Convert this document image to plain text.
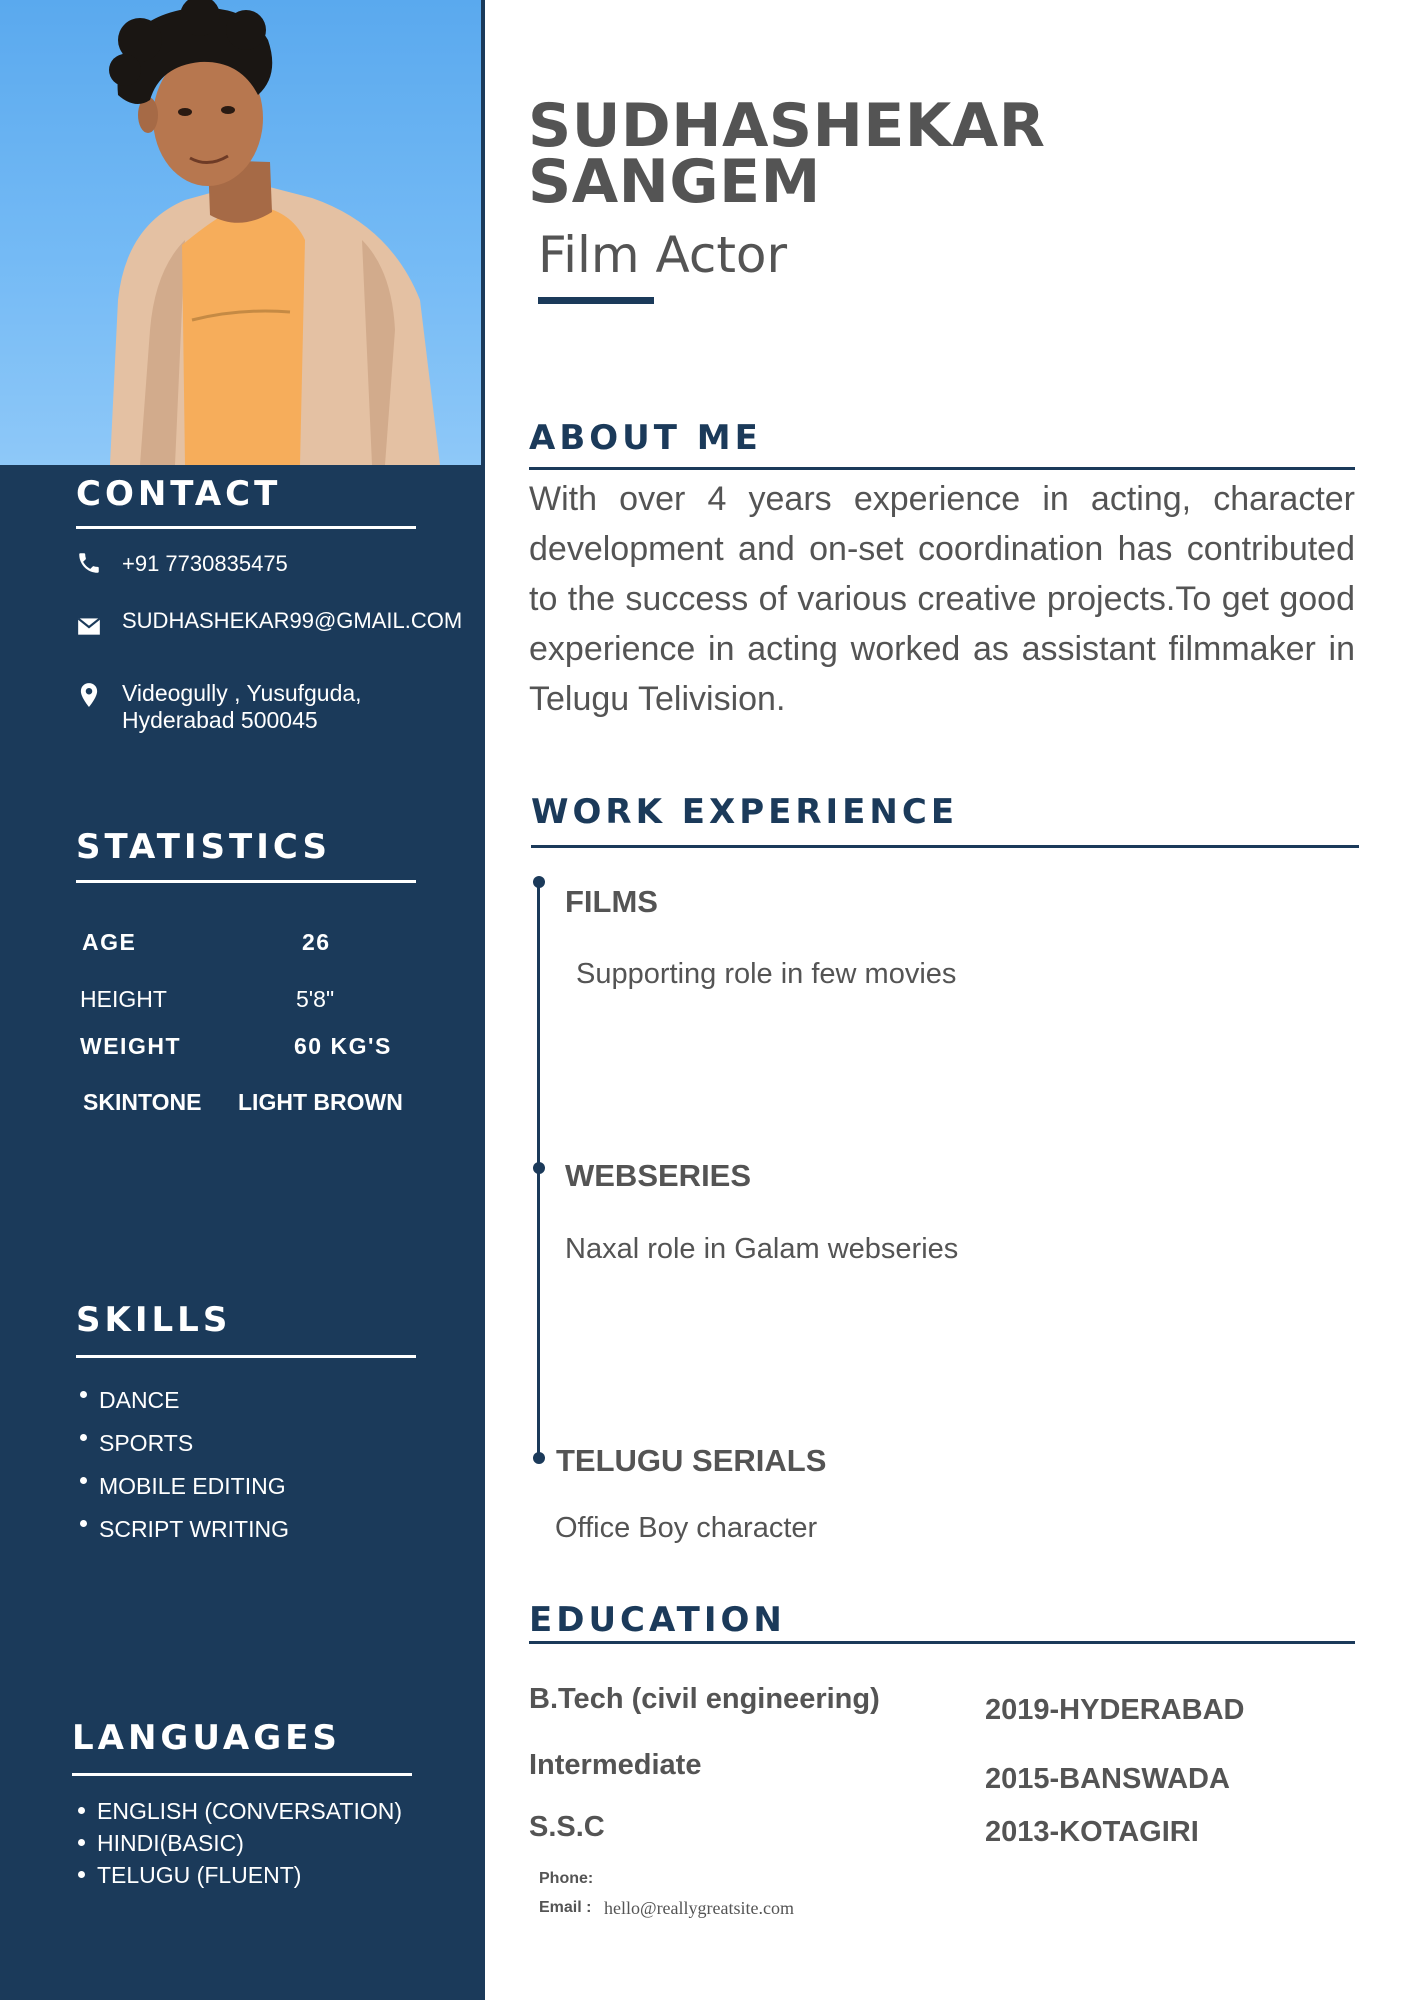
CONTACT
+91 7730835475
SUDHASHEKAR99@GMAIL.COM
Videogully , Yusufguda,
Hyderabad 500045
STATISTICS
AGE	26
HEIGHT	5'8"
WEIGHT	60 KG'S
SKINTONE LIGHT BROWN
SKILLS
DANCE
SPORTS
MOBILE EDITING
SCRIPT WRITING
LANGUAGES
ENGLISH (CONVERSATION)
HINDI(BASIC)
TELUGU (FLUENT)
SUDHASHEKAR
SANGEM
Film Actor
ABOUT ME
With over 4 years experience in acting, character development and on-set coordination has contributed to the success of various creative projects.To get good experience in acting worked as assistant filmmaker in Telugu Telivision.
WORK EXPERIENCE
FILMS
Supporting role in few movies
WEBSERIES
Naxal role in Galam webseries
TELUGU SERIALS
Office Boy character
EDUCATION
B.Tech (civil engineering)	2019-HYDERABAD
Intermediate	2015-BANSWADA
S.S.C	2013-KOTAGIRI
Phone:
Email : hello@reallygreatsite.com
